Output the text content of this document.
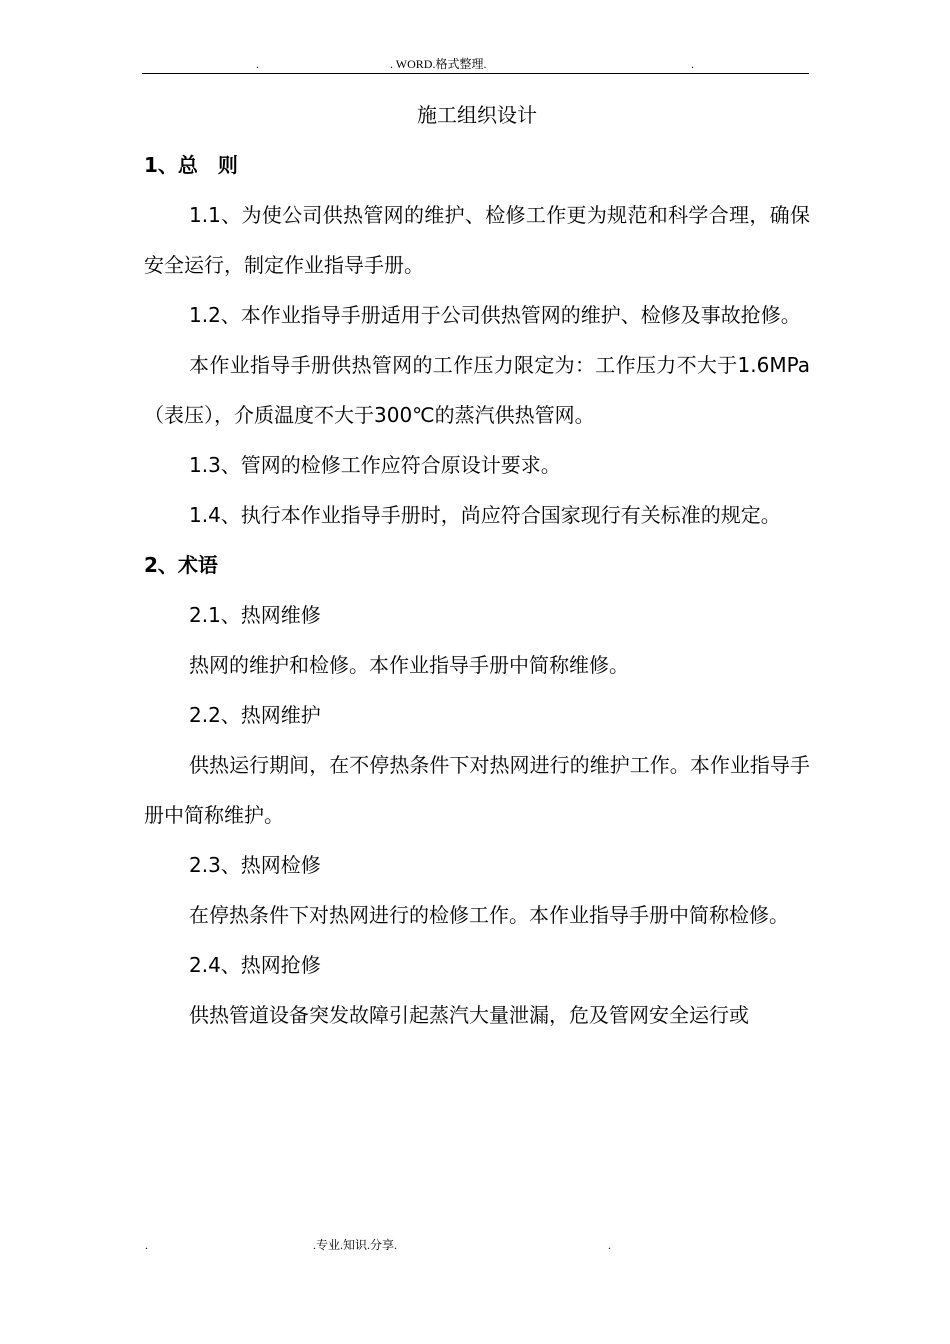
.	. WORD.格式整理.	.

施工组织设计

1、总　则

1.1、为使公司供热管网的维护、检修工作更为规范和科学合理，确保安全运行，制定作业指导手册。

1.2、本作业指导手册适用于公司供热管网的维护、检修及事故抢修。

本作业指导手册供热管网的工作压力限定为：工作压力不大于1.6MPa（表压），介质温度不大于300℃的蒸汽供热管网。

1.3、管网的检修工作应符合原设计要求。

1.4、执行本作业指导手册时，尚应符合国家现行有关标准的规定。

2、术语

2.1、热网维修

热网的维护和检修。本作业指导手册中简称维修。

2.2、热网维护

供热运行期间，在不停热条件下对热网进行的维护工作。本作业指导手册中简称维护。

2.3、热网检修

在停热条件下对热网进行的检修工作。本作业指导手册中简称检修。

2.4、热网抢修

供热管道设备突发故障引起蒸汽大量泄漏，危及管网安全运行或

.	.专业.知识.分享.	.
